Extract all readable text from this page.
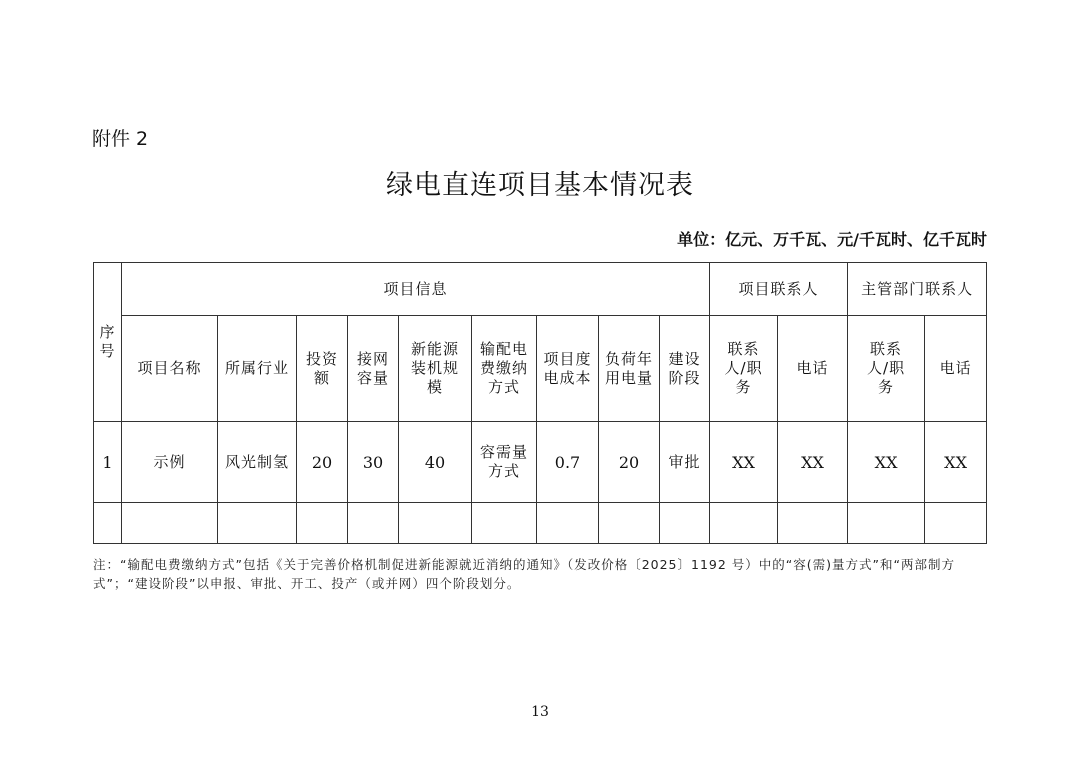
附件 2
绿电直连项目基本情况表
单位：亿元、万千瓦、元/千瓦时、亿千瓦时
序号	项目信息									项目联系人		主管部门联系人	
	项目名称	所属行业	投资额	接网容量	新能源装机规模	输配电费缴纳方式	项目度电成本	负荷年用电量	建设阶段	联系人/职务	电话	联系人/职务	电话
1	示例	风光制氢	20	30	40	容需量方式	0.7	20	审批	XX	XX	XX	XX

注：“输配电费缴纳方式”包括《关于完善价格机制促进新能源就近消纳的通知》（发改价格〔2025〕1192 号）中的“容(需)量方式”和“两部制方式”；“建设阶段”以申报、审批、开工、投产（或并网）四个阶段划分。
13
